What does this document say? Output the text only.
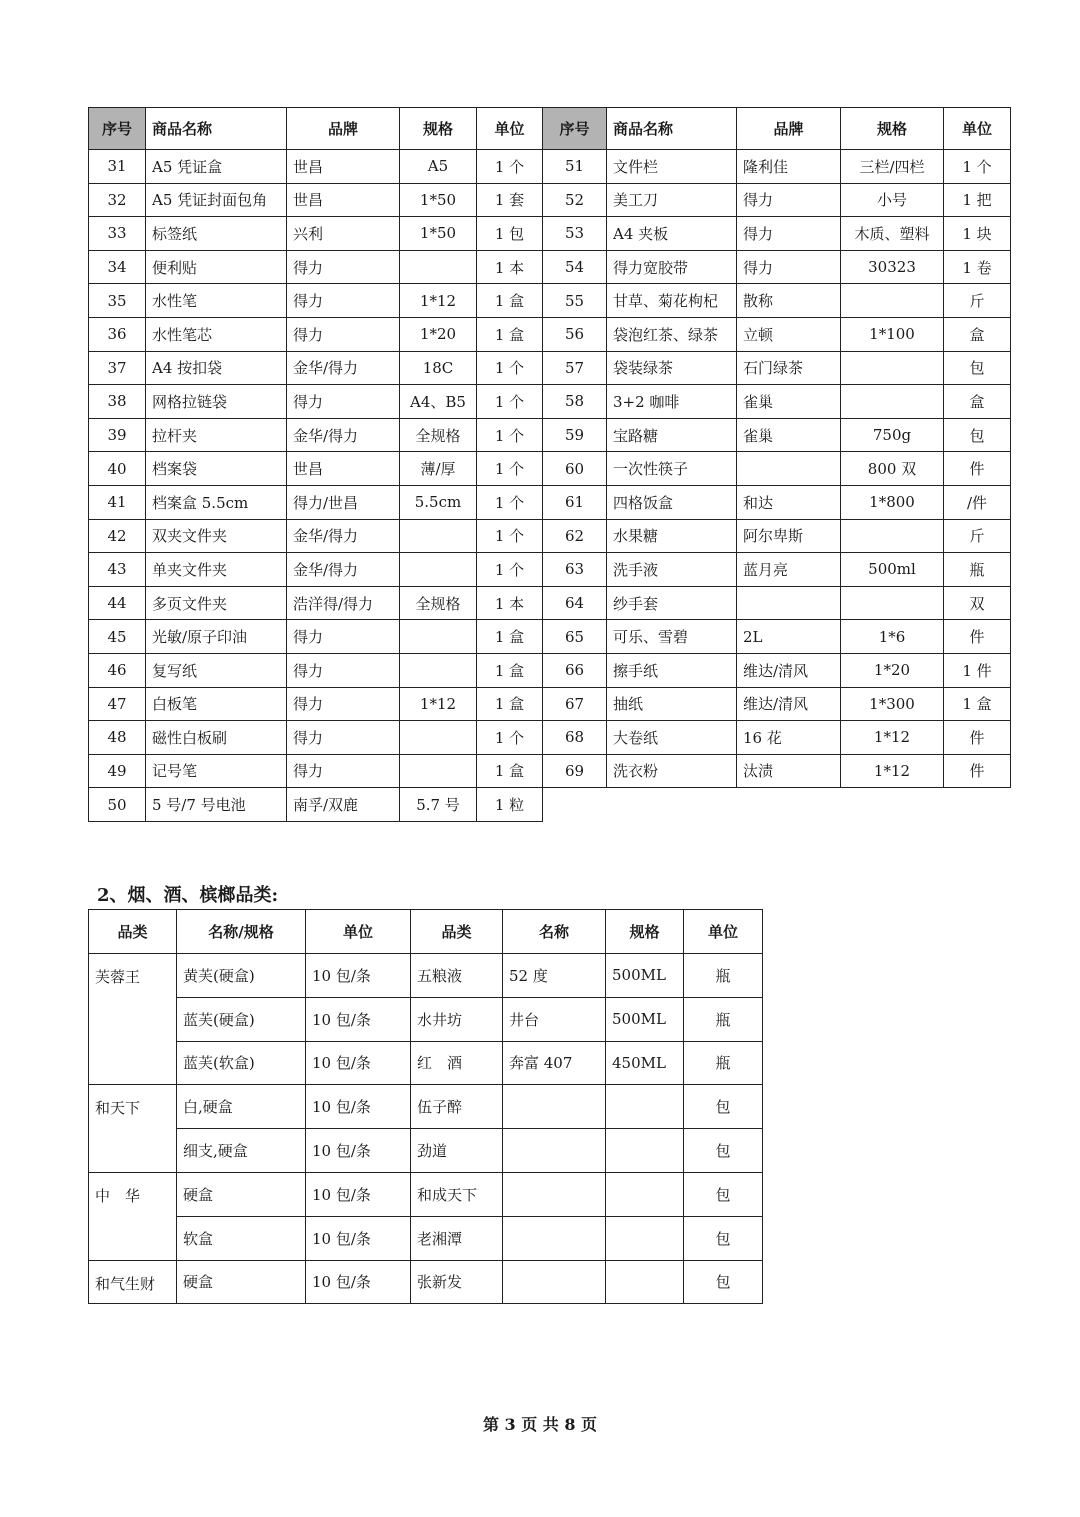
序号	商品名称	品牌	规格	单位	序号	商品名称	品牌	规格	单位
31	A5 凭证盒	世昌	A5	1 个	51	文件栏	隆利佳	三栏/四栏	1 个
32	A5 凭证封面包角	世昌	1*50	1 套	52	美工刀	得力	小号	1 把
33	标签纸	兴利	1*50	1 包	53	A4 夹板	得力	木质、塑料	1 块
34	便利贴	得力		1 本	54	得力宽胶带	得力	30323	1 卷
35	水性笔	得力	1*12	1 盒	55	甘草、菊花枸杞	散称		斤
36	水性笔芯	得力	1*20	1 盒	56	袋泡红茶、绿茶	立顿	1*100	盒
37	A4 按扣袋	金华/得力	18C	1 个	57	袋装绿茶	石门绿茶		包
38	网格拉链袋	得力	A4、B5	1 个	58	3+2 咖啡	雀巢		盒
39	拉杆夹	金华/得力	全规格	1 个	59	宝路糖	雀巢	750g	包
40	档案袋	世昌	薄/厚	1 个	60	一次性筷子		800 双	件
41	档案盒 5.5cm	得力/世昌	5.5cm	1 个	61	四格饭盒	和达	1*800	/件
42	双夹文件夹	金华/得力		1 个	62	水果糖	阿尔卑斯		斤
43	单夹文件夹	金华/得力		1 个	63	洗手液	蓝月亮	500ml	瓶
44	多页文件夹	浩洋得/得力	全规格	1 本	64	纱手套			双
45	光敏/原子印油	得力		1 盒	65	可乐、雪碧	2L	1*6	件
46	复写纸	得力		1 盒	66	擦手纸	维达/清风	1*20	1 件
47	白板笔	得力	1*12	1 盒	67	抽纸	维达/清风	1*300	1 盒
48	磁性白板刷	得力		1 个	68	大卷纸	16 花	1*12	件
49	记号笔	得力		1 盒	69	洗衣粉	汰渍	1*12	件
50	5 号/7 号电池	南孚/双鹿	5.7 号	1 粒					
2、烟、酒、槟榔品类:
品类	名称/规格	单位	品类	名称	规格	单位
芙蓉王	黄芙(硬盒)	10 包/条	五粮液	52 度	500ML	瓶
	蓝芙(硬盒)	10 包/条	水井坊	井台	500ML	瓶
	蓝芙(软盒)	10 包/条	红　酒	奔富 407	450ML	瓶
和天下	白,硬盒	10 包/条	伍子醉			包
	细支,硬盒	10 包/条	劲道			包
中　华	硬盒	10 包/条	和成天下			包
	软盒	10 包/条	老湘潭			包
和气生财	硬盒	10 包/条	张新发			包
第 3 页 共 8 页
